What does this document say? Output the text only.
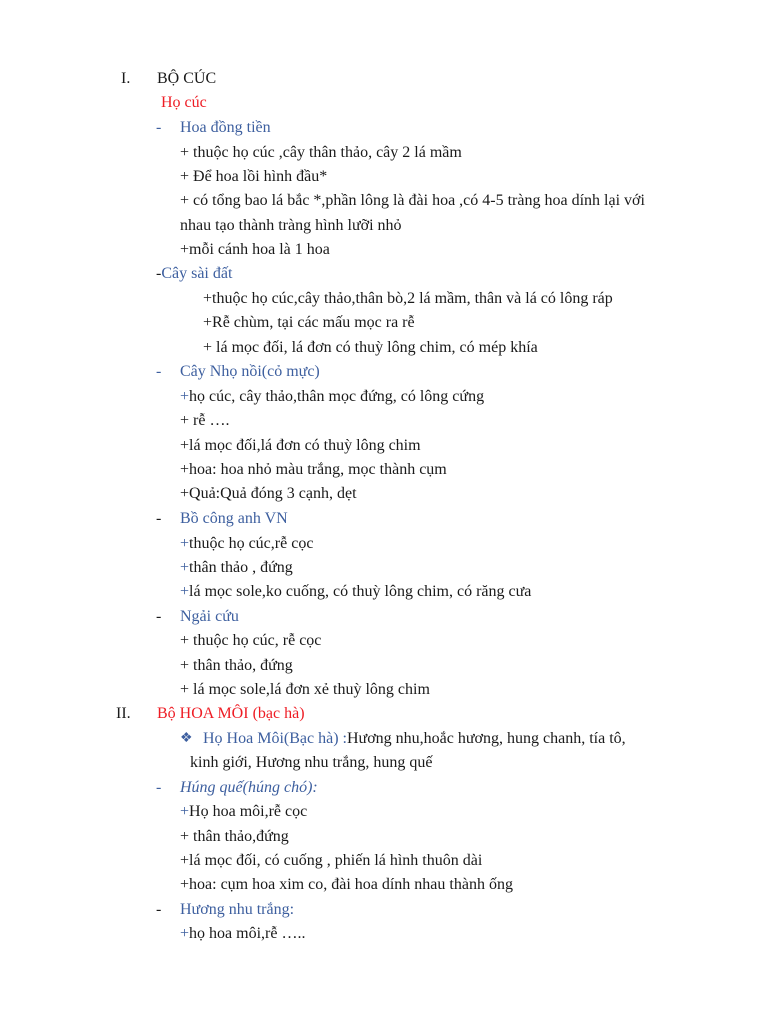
I. BỘ CÚC
Họ cúc
- Hoa đồng tiền
+ thuộc họ cúc ,cây thân thảo, cây 2 lá mầm
+ Để hoa lồi hình đầu*
+ có tổng bao lá bắc *,phần lông là đài hoa ,có 4-5 tràng hoa dính lại với
nhau tạo thành tràng hình lưỡi nhỏ
+mỗi cánh hoa là 1 hoa
-Cây sài đất
+thuộc họ cúc,cây thảo,thân bò,2 lá mầm, thân và lá có lông ráp
+Rễ chùm, tại các mấu mọc ra rễ
+ lá mọc đối, lá đơn có thuỳ lông chim, có mép khía
- Cây Nhọ nồi(cỏ mực)
+họ cúc, cây thảo,thân mọc đứng, có lông cứng
+ rễ ….
+lá mọc đối,lá đơn có thuỳ lông chim
+hoa: hoa nhỏ màu trắng, mọc thành cụm
+Quả:Quả đóng 3 cạnh, dẹt
- Bồ công anh VN
+thuộc họ cúc,rễ cọc
+thân thảo , đứng
+lá mọc sole,ko cuống, có thuỳ lông chim, có răng cưa
- Ngải cứu
+ thuộc họ cúc, rễ cọc
+ thân thảo, đứng
+ lá mọc sole,lá đơn xẻ thuỳ lông chim
II. Bộ HOA MÔI (bạc hà)
❖ Họ Hoa Môi(Bạc hà) :Hương nhu,hoắc hương, hung chanh, tía tô,
kinh giới, Hương nhu trắng, hung quế
- Húng quế(húng chó):
+Họ hoa môi,rễ cọc
+ thân thảo,đứng
+lá mọc đối, có cuống , phiến lá hình thuôn dài
+hoa: cụm hoa xim co, đài hoa dính nhau thành ống
- Hương nhu trắng:
+họ hoa môi,rễ …..
